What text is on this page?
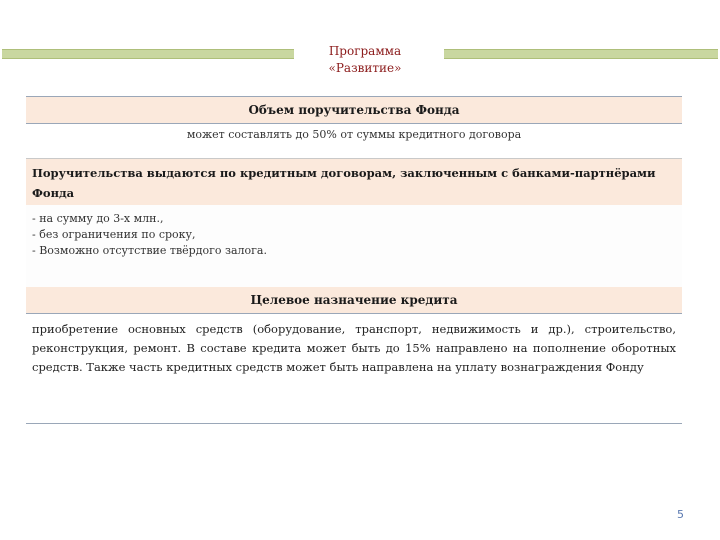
Программа
«Развитие»
Объем поручительства Фонда
может составлять до 50% от суммы кредитного договора
Поручительства выдаются по кредитным договорам, заключенным с банками-партнёрами Фонда
- на сумму до 3-х млн.,
- без ограничения по сроку,
- Возможно отсутствие твёрдого залога.
Целевое назначение кредита
приобретение основных средств (оборудование, транспорт, недвижимость и др.), строительство, реконструкция, ремонт. В составе кредита может быть до 15% направлено на пополнение оборотных средств. Также часть кредитных средств может быть направлена на уплату вознаграждения Фонду
5
